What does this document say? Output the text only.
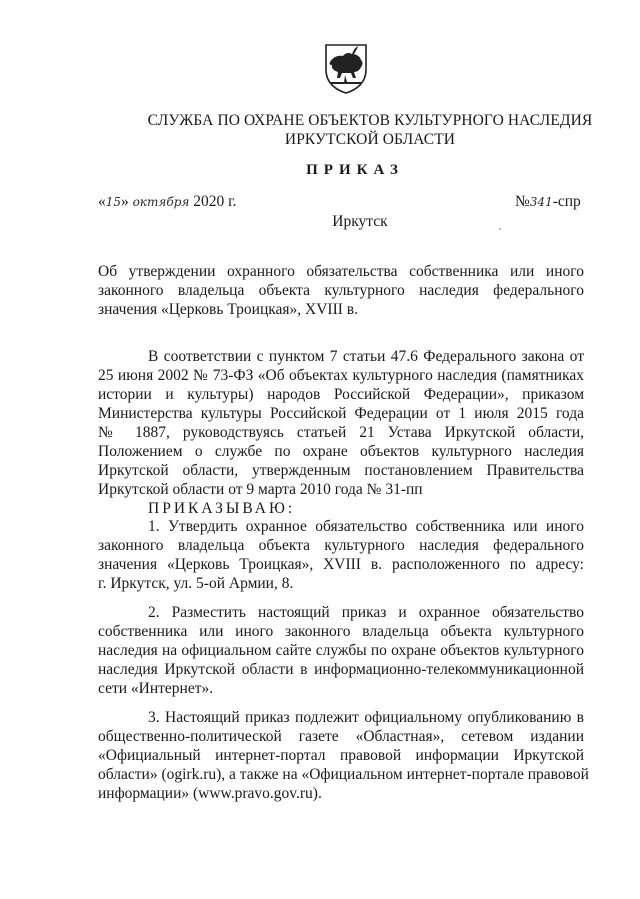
СЛУЖБА ПО ОХРАНЕ ОБЪЕКТОВ КУЛЬТУРНОГО НАСЛЕДИЯ
ИРКУТСКОЙ ОБЛАСТИ
ПРИКАЗ
«15» октября 2020 г.	№341-спр
Иркутск
Об утверждении охранного обязательства собственника или иного
законного владельца объекта культурного наследия федерального
значения «Церковь Троицкая», XVIII в.
В соответствии с пунктом 7 статьи 47.6 Федерального закона от
25 июня 2002 № 73-ФЗ «Об объектах культурного наследия (памятниках
истории и культуры) народов Российской Федерации», приказом
Министерства культуры Российской Федерации от 1 июля 2015 года
№ 1887, руководствуясь статьей 21 Устава Иркутской области,
Положением о службе по охране объектов культурного наследия
Иркутской области, утвержденным постановлением Правительства
Иркутской области от 9 марта 2010 года № 31-пп
ПРИКАЗЫВАЮ:
1. Утвердить охранное обязательство собственника или иного
законного владельца объекта культурного наследия федерального
значения «Церковь Троицкая», XVIII в. расположенного по адресу:
г. Иркутск, ул. 5-ой Армии, 8.
2. Разместить настоящий приказ и охранное обязательство
собственника или иного законного владельца объекта культурного
наследия на официальном сайте службы по охране объектов культурного
наследия Иркутской области в информационно-телекоммуникационной
сети «Интернет».
3. Настоящий приказ подлежит официальному опубликованию в
общественно-политической газете «Областная», сетевом издании
«Официальный интернет-портал правовой информации Иркутской
области» (ogirk.ru), а также на «Официальном интернет-портале правовой
информации» (www.pravo.gov.ru).
